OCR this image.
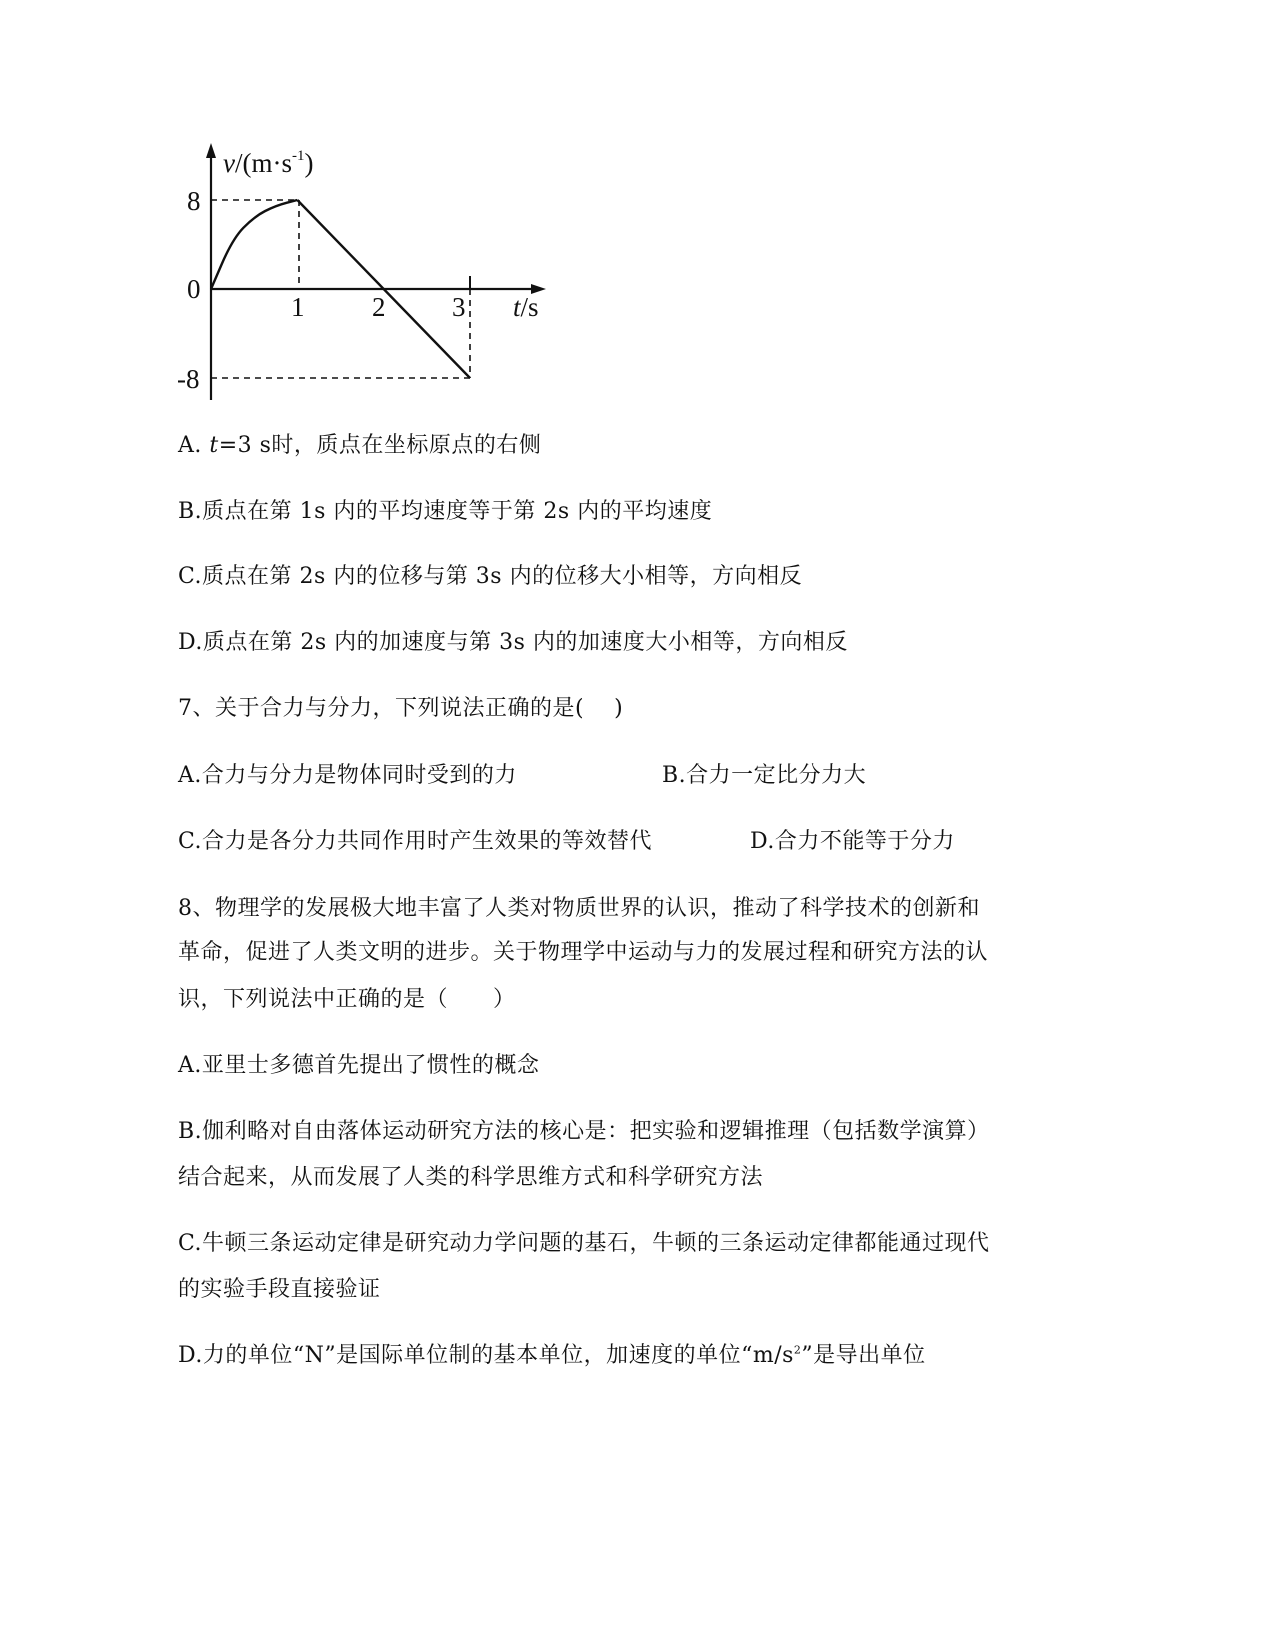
$v/(m\cdot s^{-1})$
8
0
-8
1	2 3 t/s
A. t=3 s时，质点在坐标原点的右侧
B.质点在第 1s 内的平均速度等于第 2s 内的平均速度
C.质点在第 2s 内的位移与第 3s 内的位移大小相等，方向相反
D.质点在第 2s 内的加速度与第 3s 内的加速度大小相等，方向相反
7、关于合力与分力，下列说法正确的是(　 )
A.合力与分力是物体同时受到的力	B.合力一定比分力大
C.合力是各分力共同作用时产生效果的等效替代	D.合力不能等于分力
8、物理学的发展极大地丰富了人类对物质世界的认识，推动了科学技术的创新和
革命，促进了人类文明的进步。关于物理学中运动与力的发展过程和研究方法的认
识，下列说法中正确的是（　　）
A.亚里士多德首先提出了惯性的概念
B.伽利略对自由落体运动研究方法的核心是：把实验和逻辑推理（包括数学演算）
结合起来，从而发展了人类的科学思维方式和科学研究方法
C.牛顿三条运动定律是研究动力学问题的基石，牛顿的三条运动定律都能通过现代
的实验手段直接验证
D.力的单位“N”是国际单位制的基本单位，加速度的单位“$m/s^2$”是导出单位
